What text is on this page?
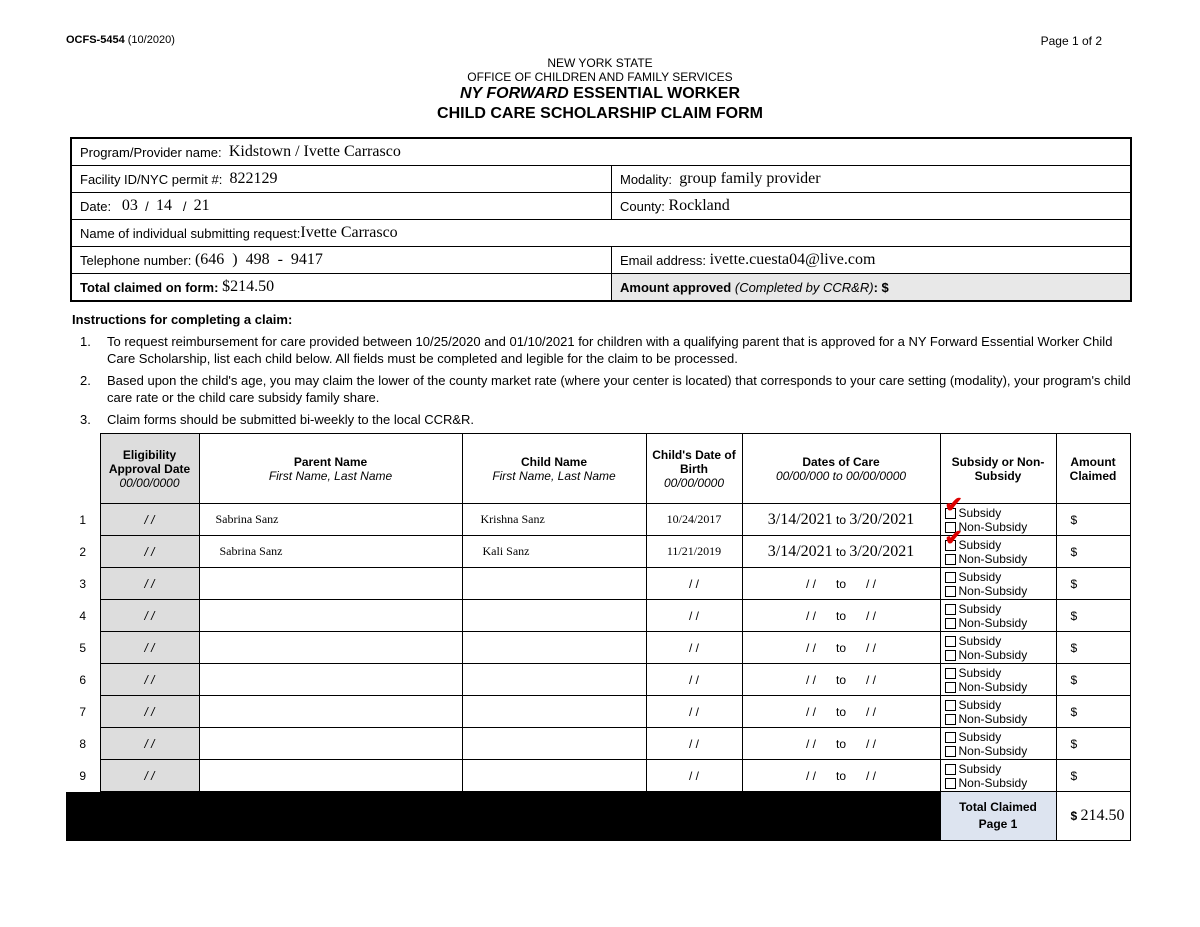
OCFS-5454 (10/2020)	Page 1 of 2
NEW YORK STATE
OFFICE OF CHILDREN AND FAMILY SERVICES
NY FORWARD ESSENTIAL WORKER
CHILD CARE SCHOLARSHIP CLAIM FORM
Program/Provider name:
Kidstown / Ivette Carrasco
Facility ID/NYC permit #:
822129	Modality:
group family provider
Date:
03 / 14 / 21	County:
Rockland
Name of individual submitting request: Ivette Carrasco
Telephone number:
(646  )  498  -  9417	Email address:
ivette.cuesta04@live.com
Total claimed on form:
$214.50	Amount approved
(Completed by CCR&R) : $
Instructions for completing a claim:
1.	To request reimbursement for care provided between 10/25/2020 and 01/10/2021 for children with a qualifying parent that is approved for a NY Forward Essential Worker Child Care Scholarship, list each child below. All fields must be completed and legible for the claim to be processed.
2.	Based upon the child's age, you may claim the lower of the county market rate (where your center is located) that corresponds to your care setting (modality), your program's child care rate or the child care subsidy family share.
3.	Claim forms should be submitted bi-weekly to the local CCR&R.

	Eligibility Approval Date
00/00/0000	Parent Name
First Name, Last Name	Child Name
First Name, Last Name	Child's Date of Birth
00/00/0000	Dates of Care
00/00/000 to 00/00/0000	Subsidy or Non-Subsidy	Amount Claimed

1	/ /	Sabrina Sanz	Krishna Sanz	10/24/2017	3/14/2021 to 3/20/2021	✔
Subsidy
Non-Subsidy	$
2	/ /	Sabrina Sanz	Kali Sanz	11/21/2019	3/14/2021 to 3/20/2021	✔
Subsidy
Non-Subsidy	$
3	/ /			/ /	/ / to / /	Subsidy
Non-Subsidy	$
4	/ /			/ /	/ / to / /	Subsidy
Non-Subsidy	$
5	/ /			/ /	/ / to / /	Subsidy
Non-Subsidy	$
6	/ /			/ /	/ / to / /	Subsidy
Non-Subsidy	$
7	/ /			/ /	/ / to / /	Subsidy
Non-Subsidy	$
8	/ /			/ /	/ / to / /	Subsidy
Non-Subsidy	$
9	/ /			/ /	/ / to / /	Subsidy
Non-Subsidy	$

						Total Claimed
Page 1	$ 214.50
